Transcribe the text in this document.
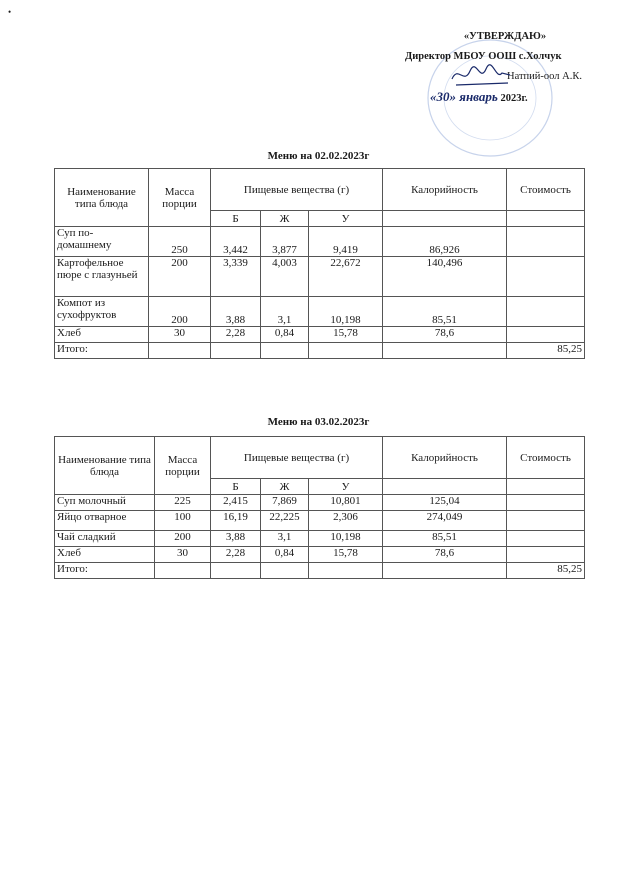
•
«УТВЕРЖДАЮ»
Директор МБОУ ООШ с.Холчук
Натпий-оол А.К.
«30» январь 2023г.
Меню на 02.02.2023г
Наименование типа блюда	Масса порции	Пищевые вещества (г)			Калорийность	Стоимость
		Б	Ж	У		
Суп по-домашнему	250	3,442	3,877	9,419	86,926	
Картофельное пюре с глазуньей	200	3,339	4,003	22,672	140,496	
Компот из сухофруктов	200	3,88	3,1	10,198	85,51	
Хлеб	30	2,28	0,84	15,78	78,6	
Итого:						85,25
Меню на 03.02.2023г
Наименование типа блюда	Масса порции	Пищевые вещества (г)			Калорийность	Стоимость
		Б	Ж	У		
Суп молочный	225	2,415	7,869	10,801	125,04	
Яйцо отварное	100	16,19	22,225	2,306	274,049	
Чай сладкий	200	3,88	3,1	10,198	85,51	
Хлеб	30	2,28	0,84	15,78	78,6	
Итого:						85,25
